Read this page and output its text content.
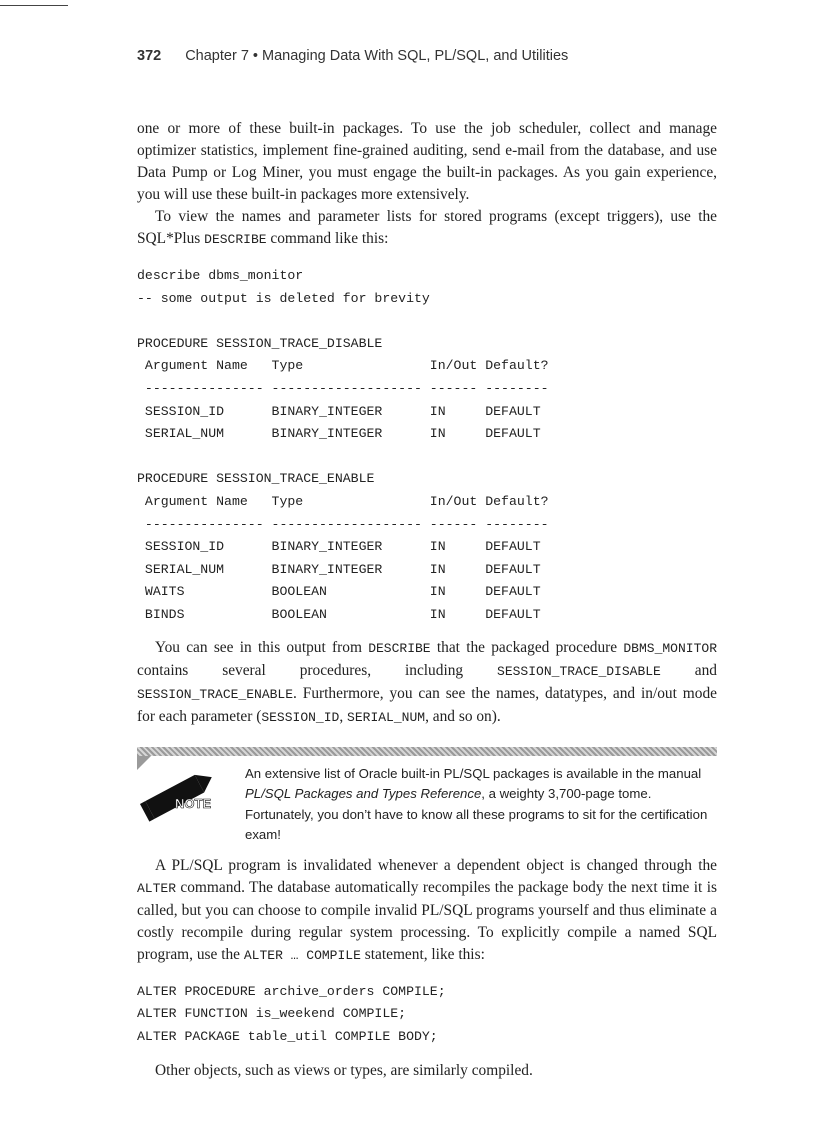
372 Chapter 7 • Managing Data With SQL, PL/SQL, and Utilities

one or more of these built-in packages. To use the job scheduler, collect and manage optimizer statistics, implement fine-grained auditing, send e-mail from the database, and use Data Pump or Log Miner, you must engage the built-in packages. As you gain experience, you will use these built-in packages more extensively.

To view the names and parameter lists for stored programs (except triggers), use the SQL*Plus DESCRIBE command like this:

describe dbms_monitor
-- some output is deleted for brevity

PROCEDURE SESSION_TRACE_DISABLE
Argument Name   Type                In/Out Default?
--------------- ------------------- ------ --------
SESSION_ID      BINARY_INTEGER      IN     DEFAULT
SERIAL_NUM      BINARY_INTEGER      IN     DEFAULT

PROCEDURE SESSION_TRACE_ENABLE
Argument Name   Type                In/Out Default?
--------------- ------------------- ------ --------
SESSION_ID      BINARY_INTEGER      IN     DEFAULT
SERIAL_NUM      BINARY_INTEGER      IN     DEFAULT
WAITS           BOOLEAN             IN     DEFAULT
BINDS           BOOLEAN             IN     DEFAULT

You can see in this output from DESCRIBE that the packaged procedure DBMS_MONITOR contains several procedures, including SESSION_TRACE_DISABLE and SESSION_TRACE_ENABLE. Furthermore, you can see the names, datatypes, and in/out mode for each parameter (SESSION_ID, SERIAL_NUM, and so on).

NOTE
An extensive list of Oracle built-in PL/SQL packages is available in the manual PL/SQL Packages and Types Reference, a weighty 3,700-page tome. Fortunately, you don’t have to know all these programs to sit for the certification exam!

A PL/SQL program is invalidated whenever a dependent object is changed through the ALTER command. The database automatically recompiles the package body the next time it is called, but you can choose to compile invalid PL/SQL programs yourself and thus eliminate a costly recompile during regular system processing. To explicitly compile a named SQL program, use the ALTER … COMPILE statement, like this:

ALTER PROCEDURE archive_orders COMPILE;
ALTER FUNCTION is_weekend COMPILE;
ALTER PACKAGE table_util COMPILE BODY;

Other objects, such as views or types, are similarly compiled.
